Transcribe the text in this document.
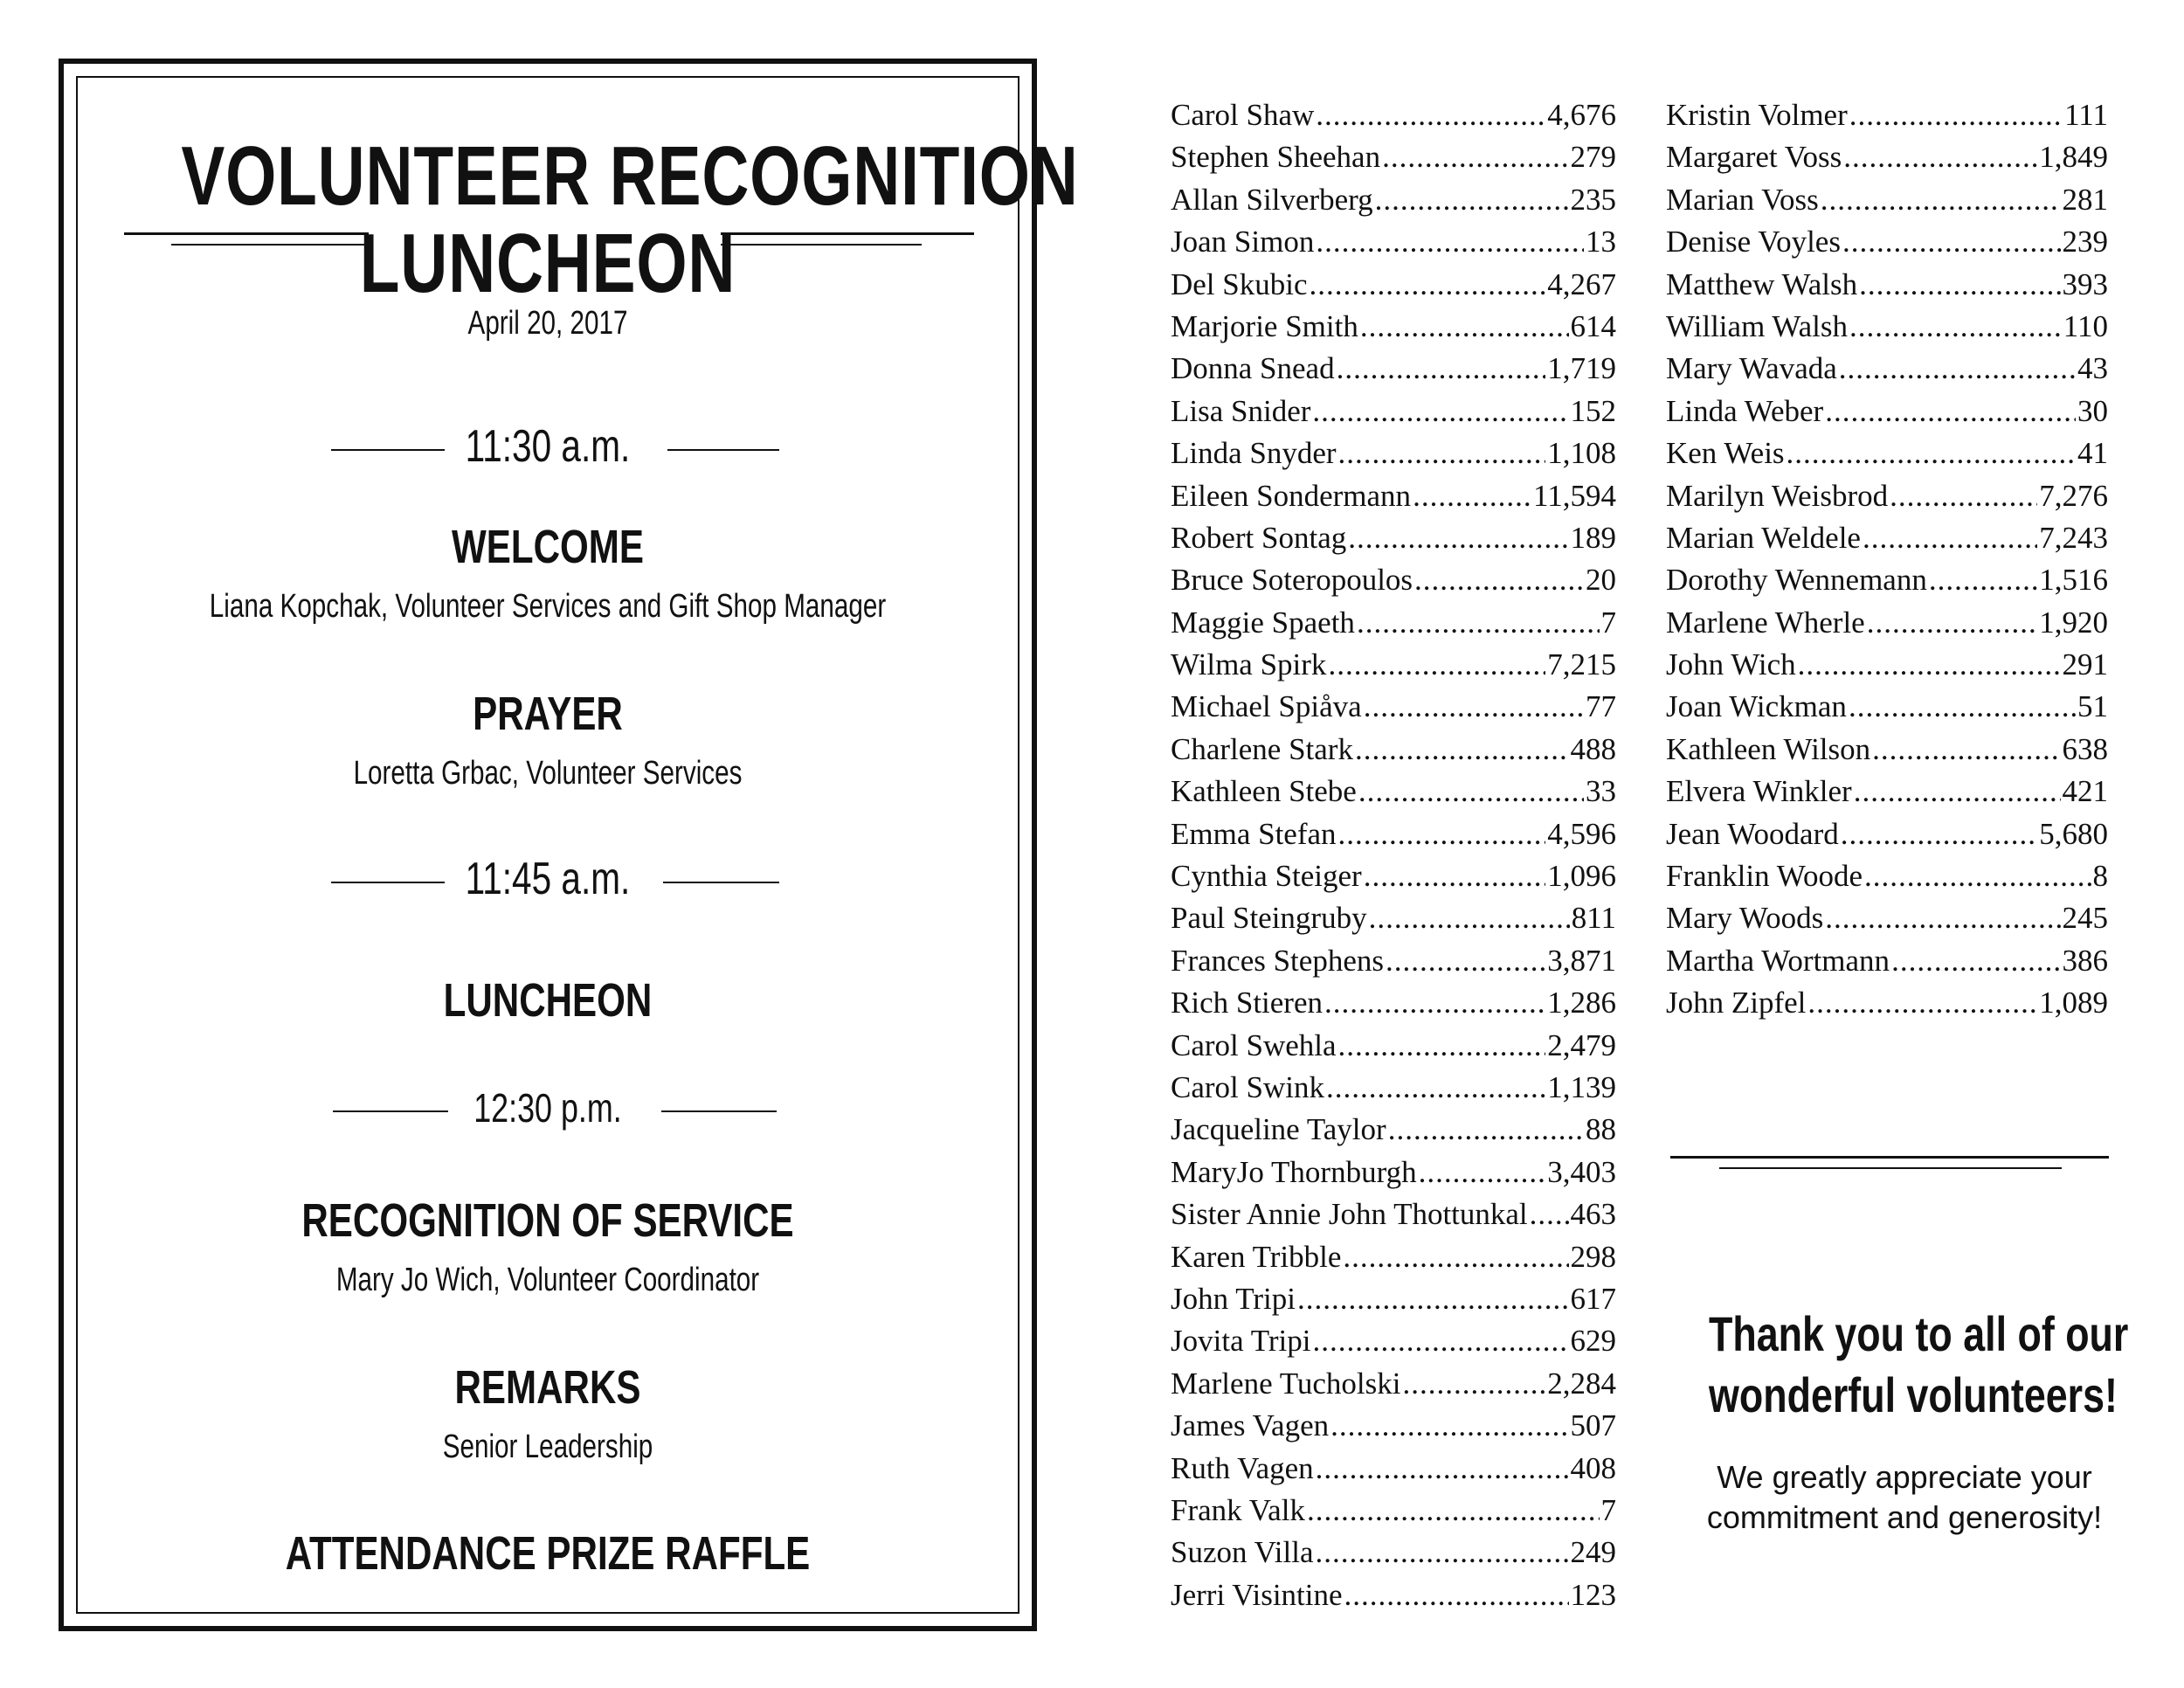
VOLUNTEER RECOGNITION
LUNCHEON
April 20, 2017
11:30 a.m.
WELCOME
Liana Kopchak, Volunteer Services and Gift Shop Manager
PRAYER
Loretta Grbac, Volunteer Services
11:45 a.m.
LUNCHEON
12:30 p.m.
RECOGNITION OF SERVICE
Mary Jo Wich, Volunteer Coordinator
REMARKS
Senior Leadership
ATTENDANCE PRIZE RAFFLE
Carol Shaw .....	4,676
Stephen Sheehan .....	279
Allan Silverberg .....	235
Joan Simon .....	13
Del Skubic .....	4,267
Marjorie Smith .....	614
Donna Snead .....	1,719
Lisa Snider .....	152
Linda Snyder .....	1,108
Eileen Sondermann .....	11,594
Robert Sontag .....	189
Bruce Soteropoulos .....	20
Maggie Spaeth .....	7
Wilma Spirk .....	7,215
Michael Spiåva .....	77
Charlene Stark .....	488
Kathleen Stebe .....	33
Emma Stefan .....	4,596
Cynthia Steiger .....	1,096
Paul Steingruby .....	811
Frances Stephens .....	3,871
Rich Stieren .....	1,286
Carol Swehla .....	2,479
Carol Swink .....	1,139
Jacqueline Taylor .....	88
MaryJo Thornburgh .....	3,403
Sister Annie John Thottunkal ..... 463
Karen Tribble .....	298
John Tripi .....	617
Jovita Tripi .....	629
Marlene Tucholski .....	2,284
James Vagen .....	507
Ruth Vagen .....	408
Frank Valk .....	7
Suzon Villa .....	249
Jerri Visintine .....	123
Kristin Volmer .....	111
Margaret Voss .....	1,849
Marian Voss .....	281
Denise Voyles .....	239
Matthew Walsh .....	393
William Walsh .....	110
Mary Wavada .....	43
Linda Weber .....	30
Ken Weis .....	41
Marilyn Weisbrod .....	7,276
Marian Weldele .....	7,243
Dorothy Wennemann .....	1,516
Marlene Wherle .....	1,920
John Wich .....	291
Joan Wickman .....	51
Kathleen Wilson .....	638
Elvera Winkler .....	421
Jean Woodard .....	5,680
Franklin Woode .....	8
Mary Woods .....	245
Martha Wortmann .....	386
John Zipfel .....	1,089
Thank you to all of our
wonderful volunteers!
We greatly appreciate your
commitment and generosity!
